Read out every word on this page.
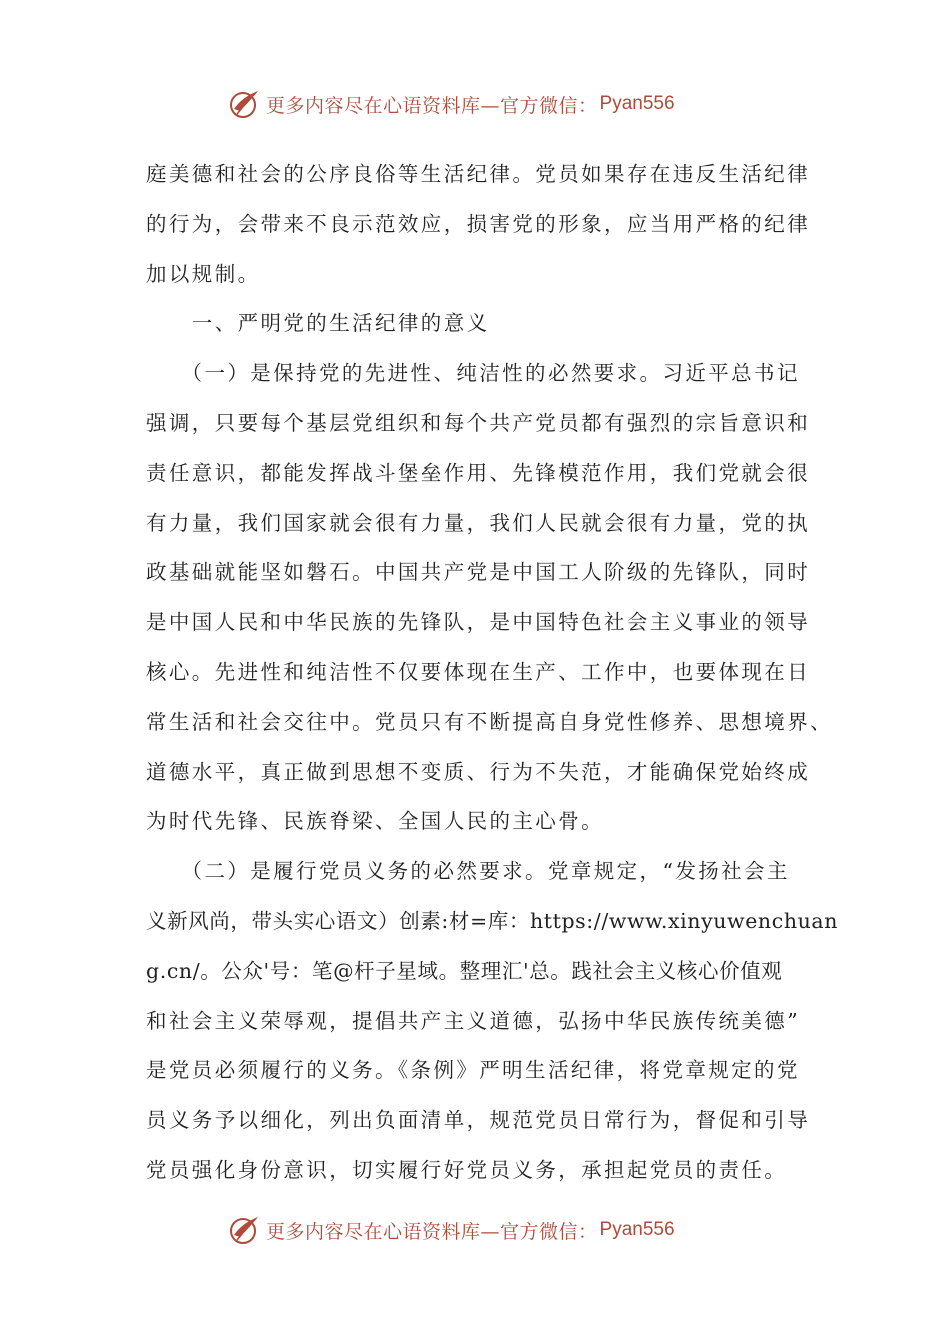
更多内容尽在心语资料库—官方微信： Pyan556
庭美德和社会的公序良俗等生活纪律。党员如果存在违反生活纪律
的行为，会带来不良示范效应，损害党的形象，应当用严格的纪律
加以规制。
　　一、严明党的生活纪律的意义
　　（一）是保持党的先进性、纯洁性的必然要求。习近平总书记
强调，只要每个基层党组织和每个共产党员都有强烈的宗旨意识和
责任意识，都能发挥战斗堡垒作用、先锋模范作用，我们党就会很
有力量，我们国家就会很有力量，我们人民就会很有力量，党的执
政基础就能坚如磐石。中国共产党是中国工人阶级的先锋队，同时
是中国人民和中华民族的先锋队，是中国特色社会主义事业的领导
核心。先进性和纯洁性不仅要体现在生产、工作中，也要体现在日
常生活和社会交往中。党员只有不断提高自身党性修养、思想境界、
道德水平，真正做到思想不变质、行为不失范，才能确保党始终成
为时代先锋、民族脊梁、全国人民的主心骨。
　　（二）是履行党员义务的必然要求。党章规定，“发扬社会主
义新风尚，带头实心语文）创素:材=库：https://www.xinyuwenchuan
g.cn/。公众'号：笔@杆子星域。整理汇'总。践社会主义核心价值观
和社会主义荣辱观，提倡共产主义道德，弘扬中华民族传统美德”
是党员必须履行的义务。《条例》严明生活纪律，将党章规定的党
员义务予以细化，列出负面清单，规范党员日常行为，督促和引导
党员强化身份意识，切实履行好党员义务，承担起党员的责任。
更多内容尽在心语资料库—官方微信： Pyan556
